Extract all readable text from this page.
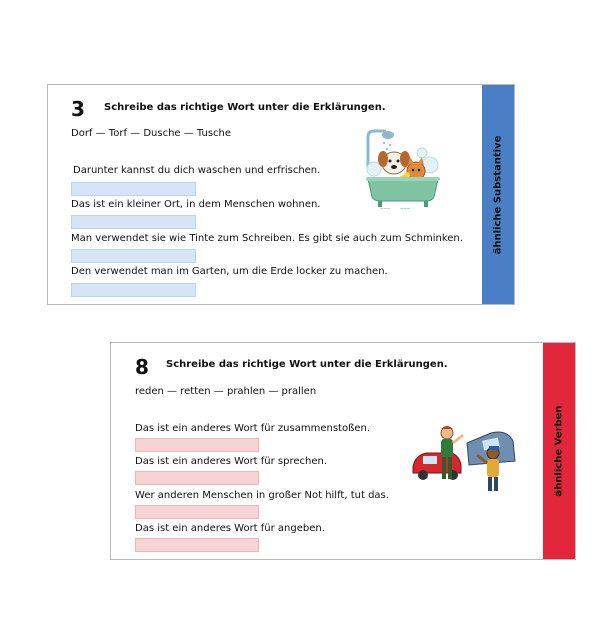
3 Schreibe das richtige Wort unter die Erklärungen.
Dorf — Torf — Dusche — Tusche
Darunter kannst du dich waschen und erfrischen.
Das ist ein kleiner Ort, in dem Menschen wohnen.
Man verwendet sie wie Tinte zum Schreiben. Es gibt sie auch zum Schminken.
Den verwendet man im Garten, um die Erde locker zu machen.
~~~ ~~~	ähnliche Substantive
8 Schreibe das richtige Wort unter die Erklärungen.
reden — retten — prahlen — prallen
Das ist ein anderes Wort für zusammenstoßen.
Das ist ein anderes Wort für sprechen.
Wer anderen Menschen in großer Not hilft, tut das.
Das ist ein anderes Wort für angeben.
ähnliche Verben
